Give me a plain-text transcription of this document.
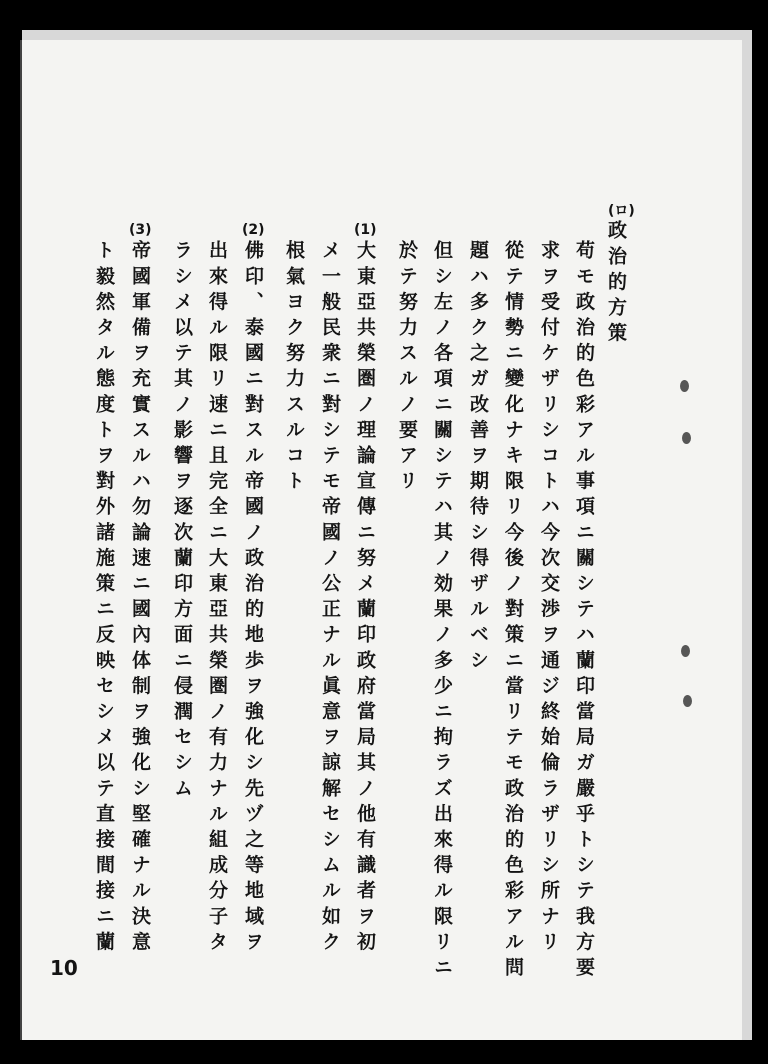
(ロ)
政治的方策
苟モ政治的色彩アル事項ニ關シテハ蘭印當局ガ嚴乎トシテ我方要
求ヲ受付ケザリシコトハ今次交渉ヲ通ジ終始倫ラザリシ所ナリ
從テ情勢ニ變化ナキ限リ今後ノ對策ニ當リテモ政治的色彩アル問
題ハ多ク之ガ改善ヲ期待シ得ザルベシ
但シ左ノ各項ニ關シテハ其ノ効果ノ多少ニ拘ラズ出來得ル限リニ
於テ努力スルノ要アリ
(1)
大東亞共榮圏ノ理論宣傳ニ努メ蘭印政府當局其ノ他有識者ヲ初
メ一般民衆ニ對シテモ帝國ノ公正ナル眞意ヲ諒解セシムル如ク
根氣ヨク努力スルコト
(2)
佛印、泰國ニ對スル帝國ノ政治的地歩ヲ強化シ先ヅ之等地域ヲ
出來得ル限リ速ニ且完全ニ大東亞共榮圏ノ有力ナル組成分子タ
ラシメ以テ其ノ影響ヲ逐次蘭印方面ニ侵潤セシム
(3)
帝國軍備ヲ充實スルハ勿論速ニ國內体制ヲ強化シ堅確ナル決意
ト毅然タル態度トヲ對外諸施策ニ反映セシメ以テ直接間接ニ蘭
10
